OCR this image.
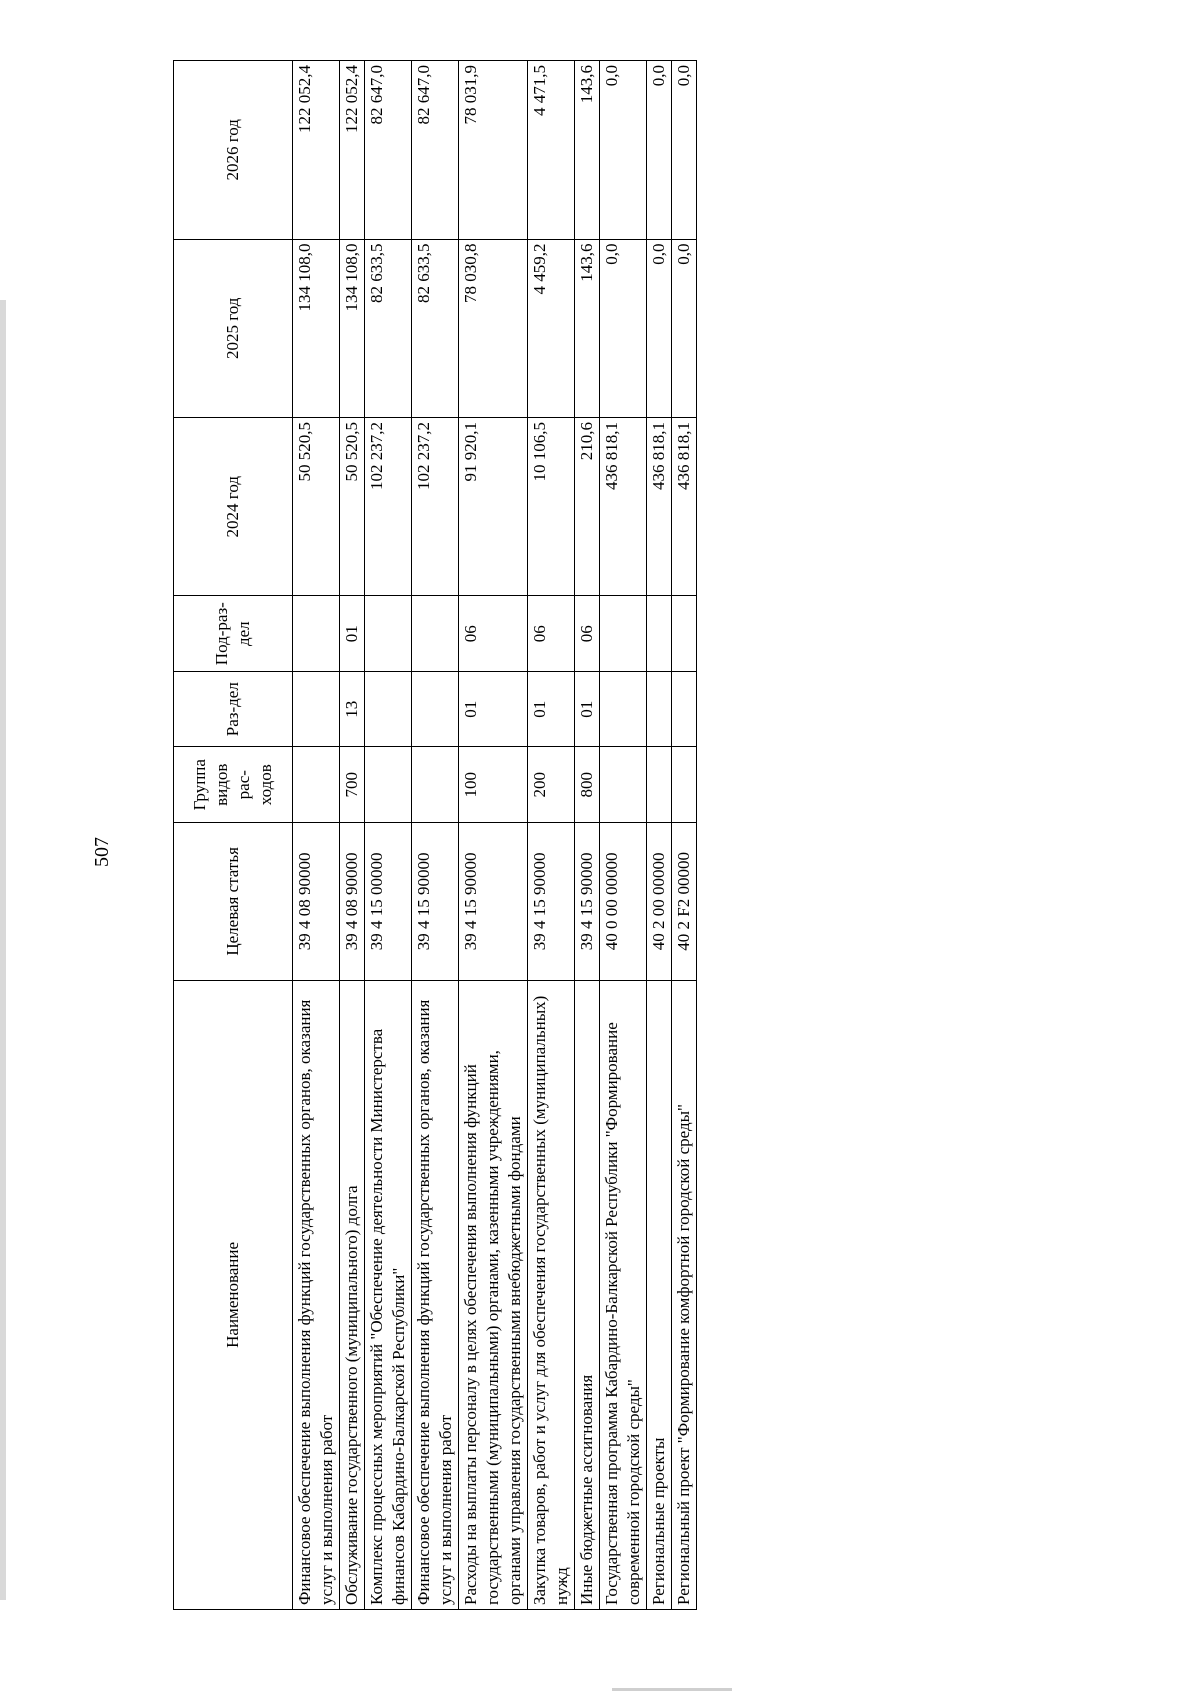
507
Наименование	Целевая статья	Группа видов рас-ходов	Раз-дел	Под-раз-дел	2024 год	2025 год	2026 год
Финансовое обеспечение выполнения функций государственных органов, оказания услуг и выполнения работ	39 4 08 90000				50 520,5	134 108,0	122 052,4
Обслуживание государственного (муниципального) долга	39 4 08 90000	700	13	01	50 520,5	134 108,0	122 052,4
Комплекс процессных мероприятий "Обеспечение деятельности Министерства финансов Кабардино-Балкарской Республики"	39 4 15 00000				102 237,2	82 633,5	82 647,0
Финансовое обеспечение выполнения функций государственных органов, оказания услуг и выполнения работ	39 4 15 90000				102 237,2	82 633,5	82 647,0
Расходы на выплаты персоналу в целях обеспечения выполнения функций государственными (муниципальными) органами, казенными учреждениями, органами управления государственными внебюджетными фондами	39 4 15 90000	100	01	06	91 920,1	78 030,8	78 031,9
Закупка товаров, работ и услуг для обеспечения государственных (муниципальных) нужд	39 4 15 90000	200	01	06	10 106,5	4 459,2	4 471,5
Иные бюджетные ассигнования	39 4 15 90000	800	01	06	210,6	143,6	143,6
Государственная программа Кабардино-Балкарской Республики "Формирование современной городской среды"	40 0 00 00000				436 818,1	0,0	0,0
Региональные проекты	40 2 00 00000				436 818,1	0,0	0,0
Региональный проект "Формирование комфортной городской среды"	40 2 F2 00000				436 818,1	0,0	0,0
